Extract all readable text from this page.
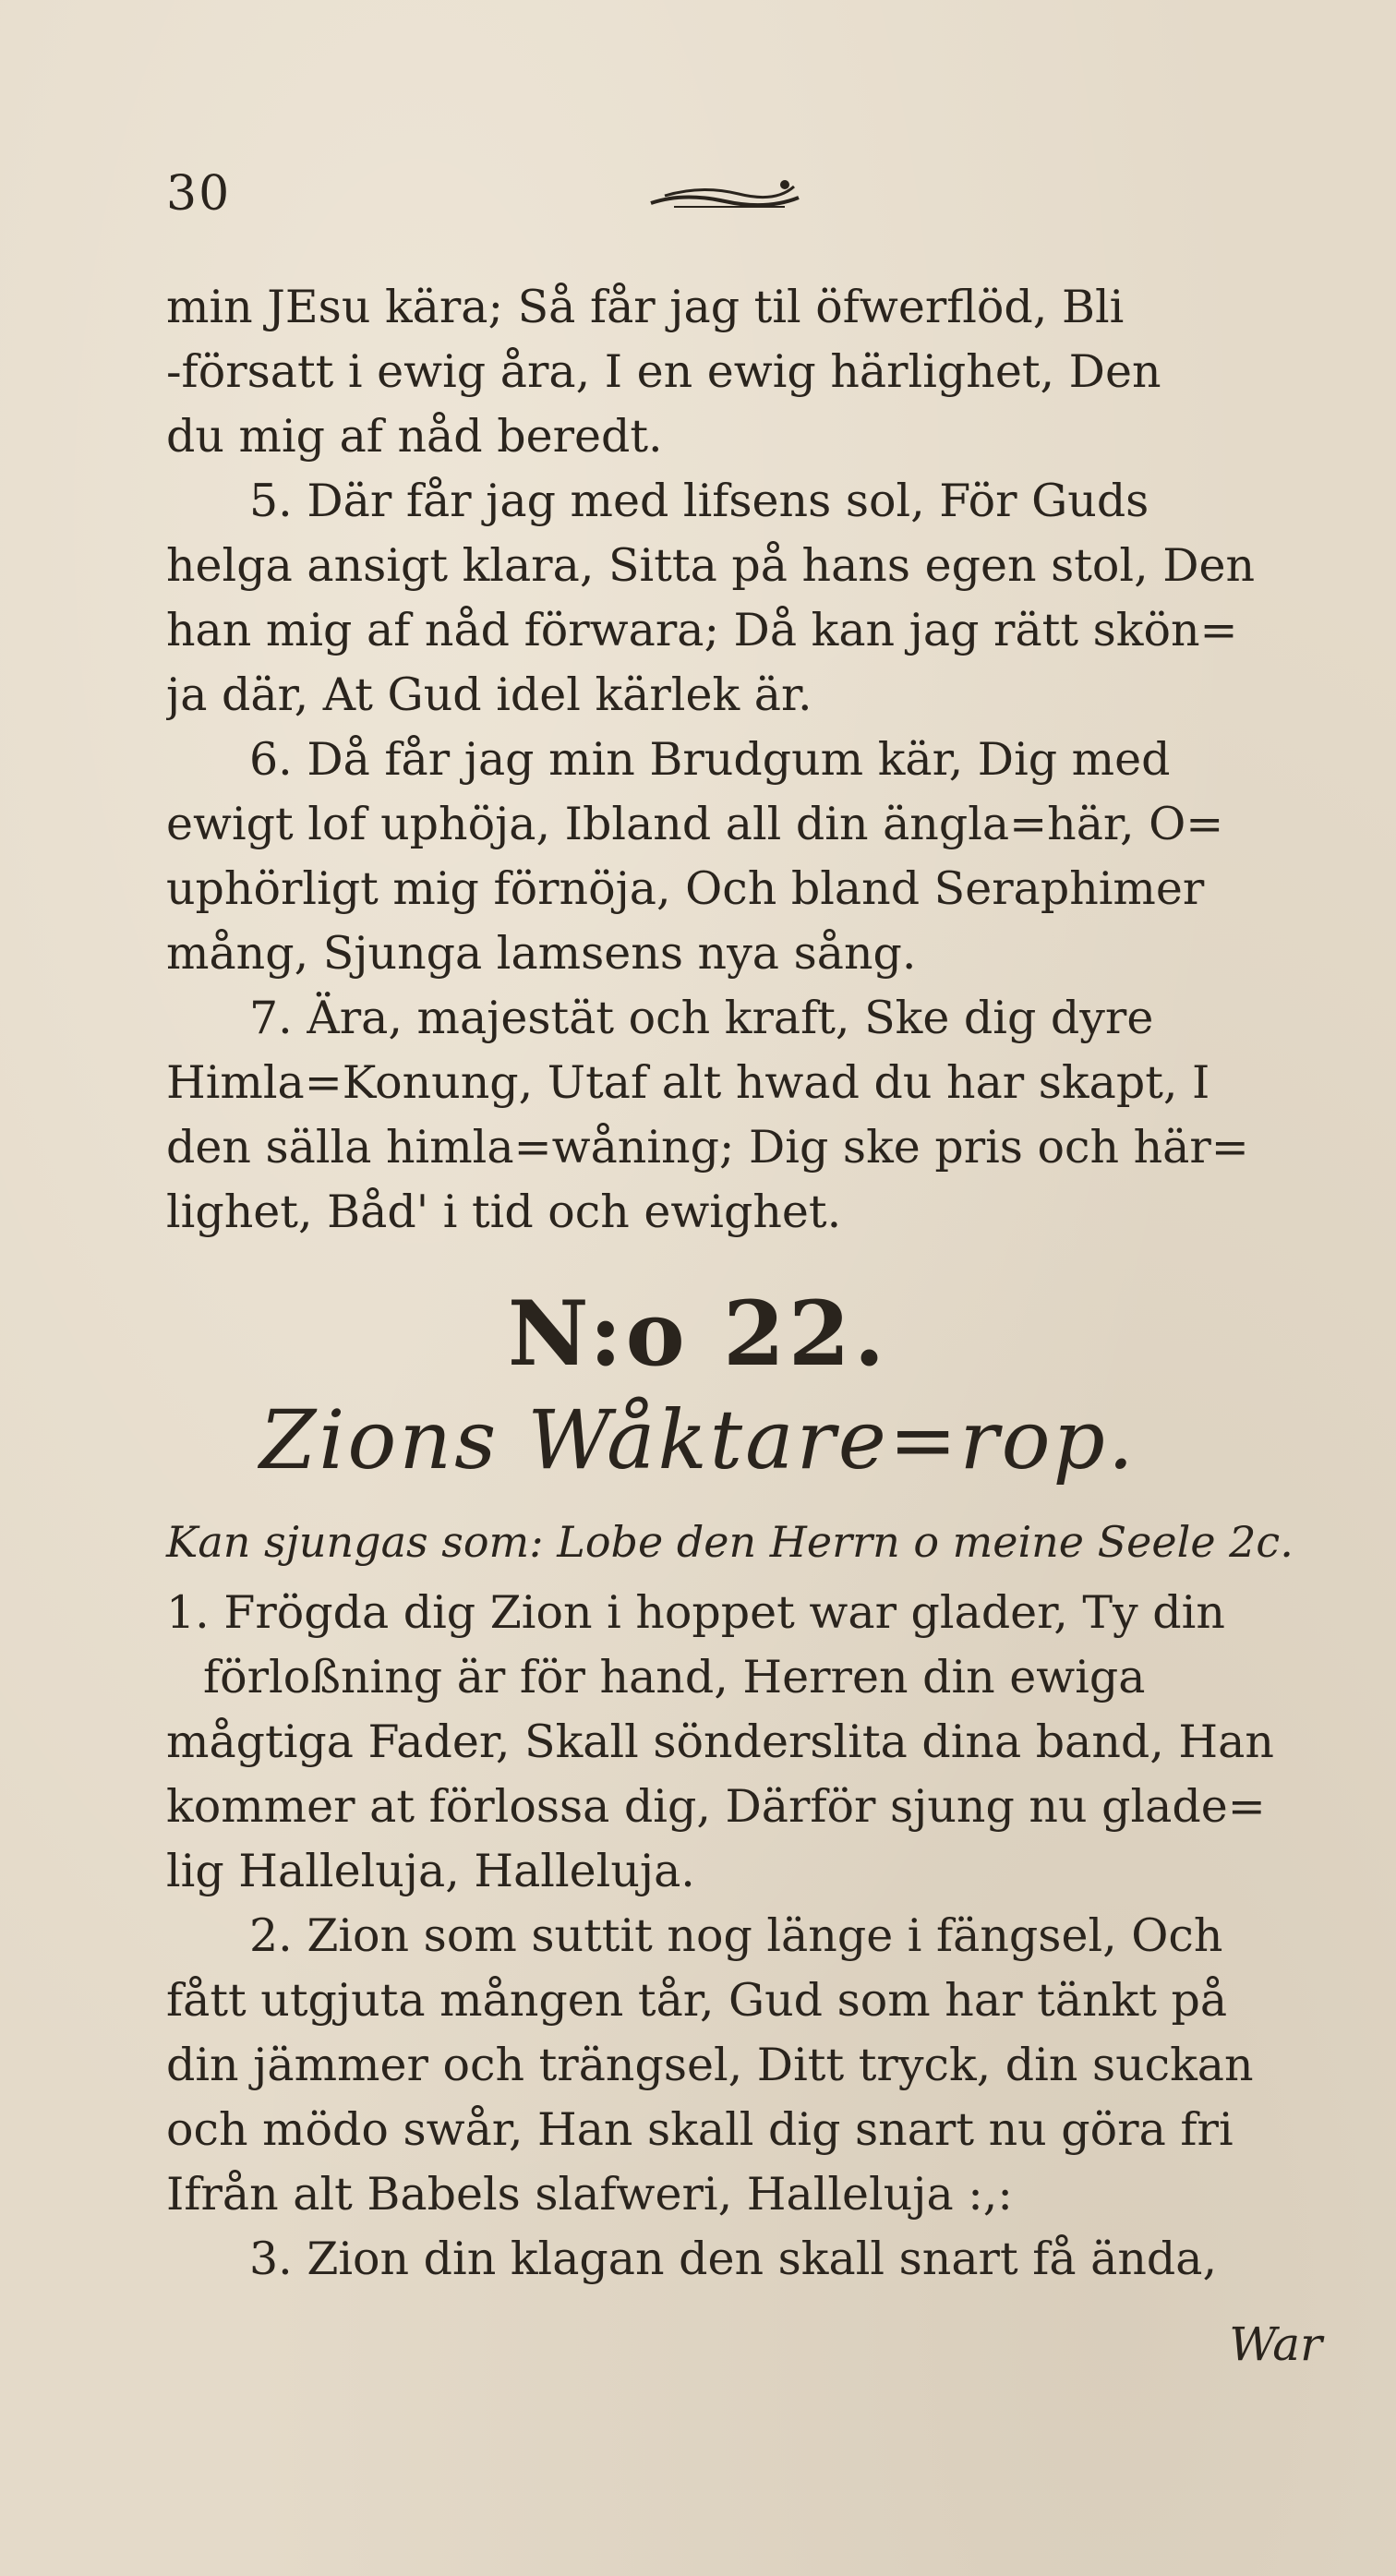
30
min JEsu kära; Så får jag til öfwerflöd, Bli
-försatt i ewig åra, I en ewig härlighet, Den
du mig af nåd beredt.
5. Där får jag med lifsens sol, För Guds
helga ansigt klara, Sitta på hans egen stol, Den
han mig af nåd förwara; Då kan jag rätt skön=
ja där, At Gud idel kärlek är.
6. Då får jag min Brudgum kär, Dig med
ewigt lof uphöja, Ibland all din ängla=här, O=
uphörligt mig förnöja, Och bland Seraphimer
mång, Sjunga lamsens nya sång.
7. Ära, majestät och kraft, Ske dig dyre
Himla=Konung, Utaf alt hwad du har skapt, I
den sälla himla=wåning; Dig ske pris och här=
lighet, Båd' i tid och ewighet.
N:o 22.
Zions Wåktare=rop.
Kan sjungas som: Lobe den Herrn o meine Seele 2c.
1. Frögda dig Zion i hoppet war glader, Ty din
förloßning är för hand, Herren din ewiga
mågtiga Fader, Skall sönderslita dina band, Han
kommer at förlossa dig, Därför sjung nu glade=
lig Halleluja, Halleluja.
2. Zion som suttit nog länge i fängsel, Och
fått utgjuta mången tår, Gud som har tänkt på
din jämmer och trängsel, Ditt tryck, din suckan
och mödo swår, Han skall dig snart nu göra fri
Ifrån alt Babels slafweri, Halleluja :,:
3. Zion din klagan den skall snart få ända,
War
